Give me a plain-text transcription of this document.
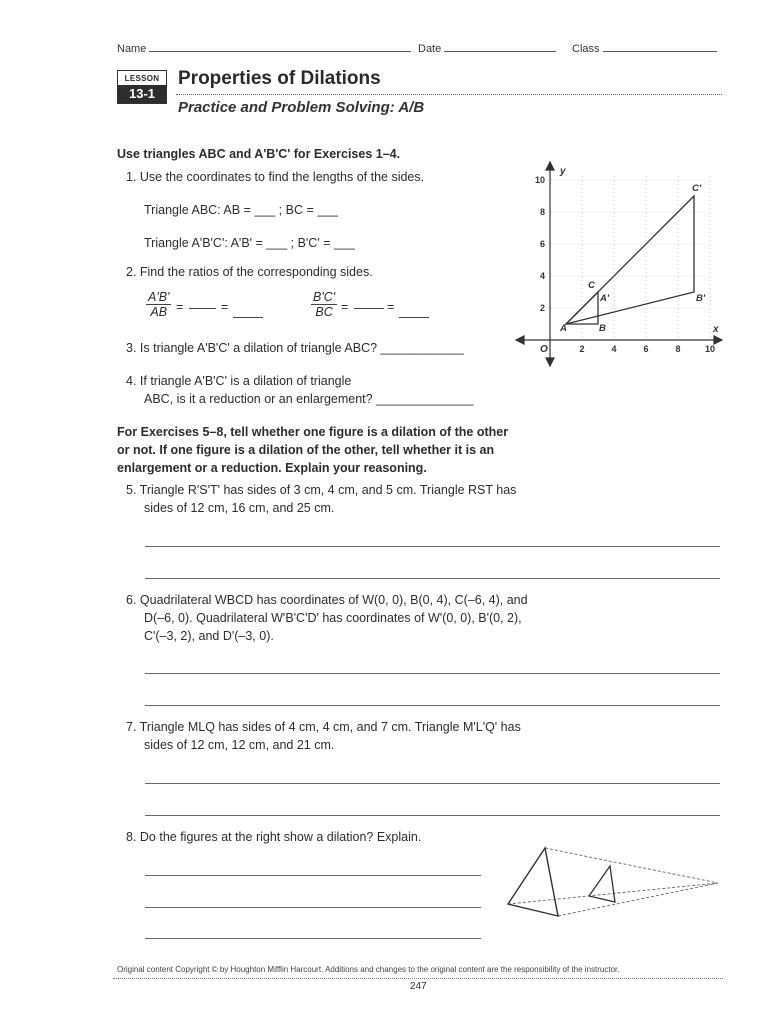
Name	Date	Class
LESSON
13-1
Properties of Dilations
Practice and Problem Solving: A/B
Use triangles ABC and A'B'C' for Exercises 1–4.
1. Use the coordinates to find the lengths of the sides.
Triangle ABC: AB = ___ ; BC = ___
Triangle A'B'C': A'B' = ___ ; B'C' = ___
2. Find the ratios of the corresponding sides.
$\frac{A'B'}{AB}$ =	=	$\frac{B'C'}{BC}$ =	=
3. Is triangle A'B'C' a dilation of triangle ABC? ____________
4. If triangle A'B'C' is a dilation of triangle
ABC, is it a reduction or an enlargement? ______________
y
x
O
10
8
6
4
2
2	4	6	8	10
A	B
C
A'	B'
C'
For Exercises 5–8, tell whether one figure is a dilation of the other
or not. If one figure is a dilation of the other, tell whether it is an
enlargement or a reduction. Explain your reasoning.
5. Triangle R'S'T' has sides of 3 cm, 4 cm, and 5 cm. Triangle RST has
sides of 12 cm, 16 cm, and 25 cm.
6. Quadrilateral WBCD has coordinates of W(0, 0), B(0, 4), C(–6, 4), and
D(–6, 0). Quadrilateral W'B'C'D' has coordinates of W'(0, 0), B'(0, 2),
C'(–3, 2), and D'(–3, 0).
7. Triangle MLQ has sides of 4 cm, 4 cm, and 7 cm. Triangle M'L'Q' has
sides of 12 cm, 12 cm, and 21 cm.
8. Do the figures at the right show a dilation? Explain.
Original content Copyright © by Houghton Mifflin Harcourt. Additions and changes to the original content are the responsibility of the instructor.
247
